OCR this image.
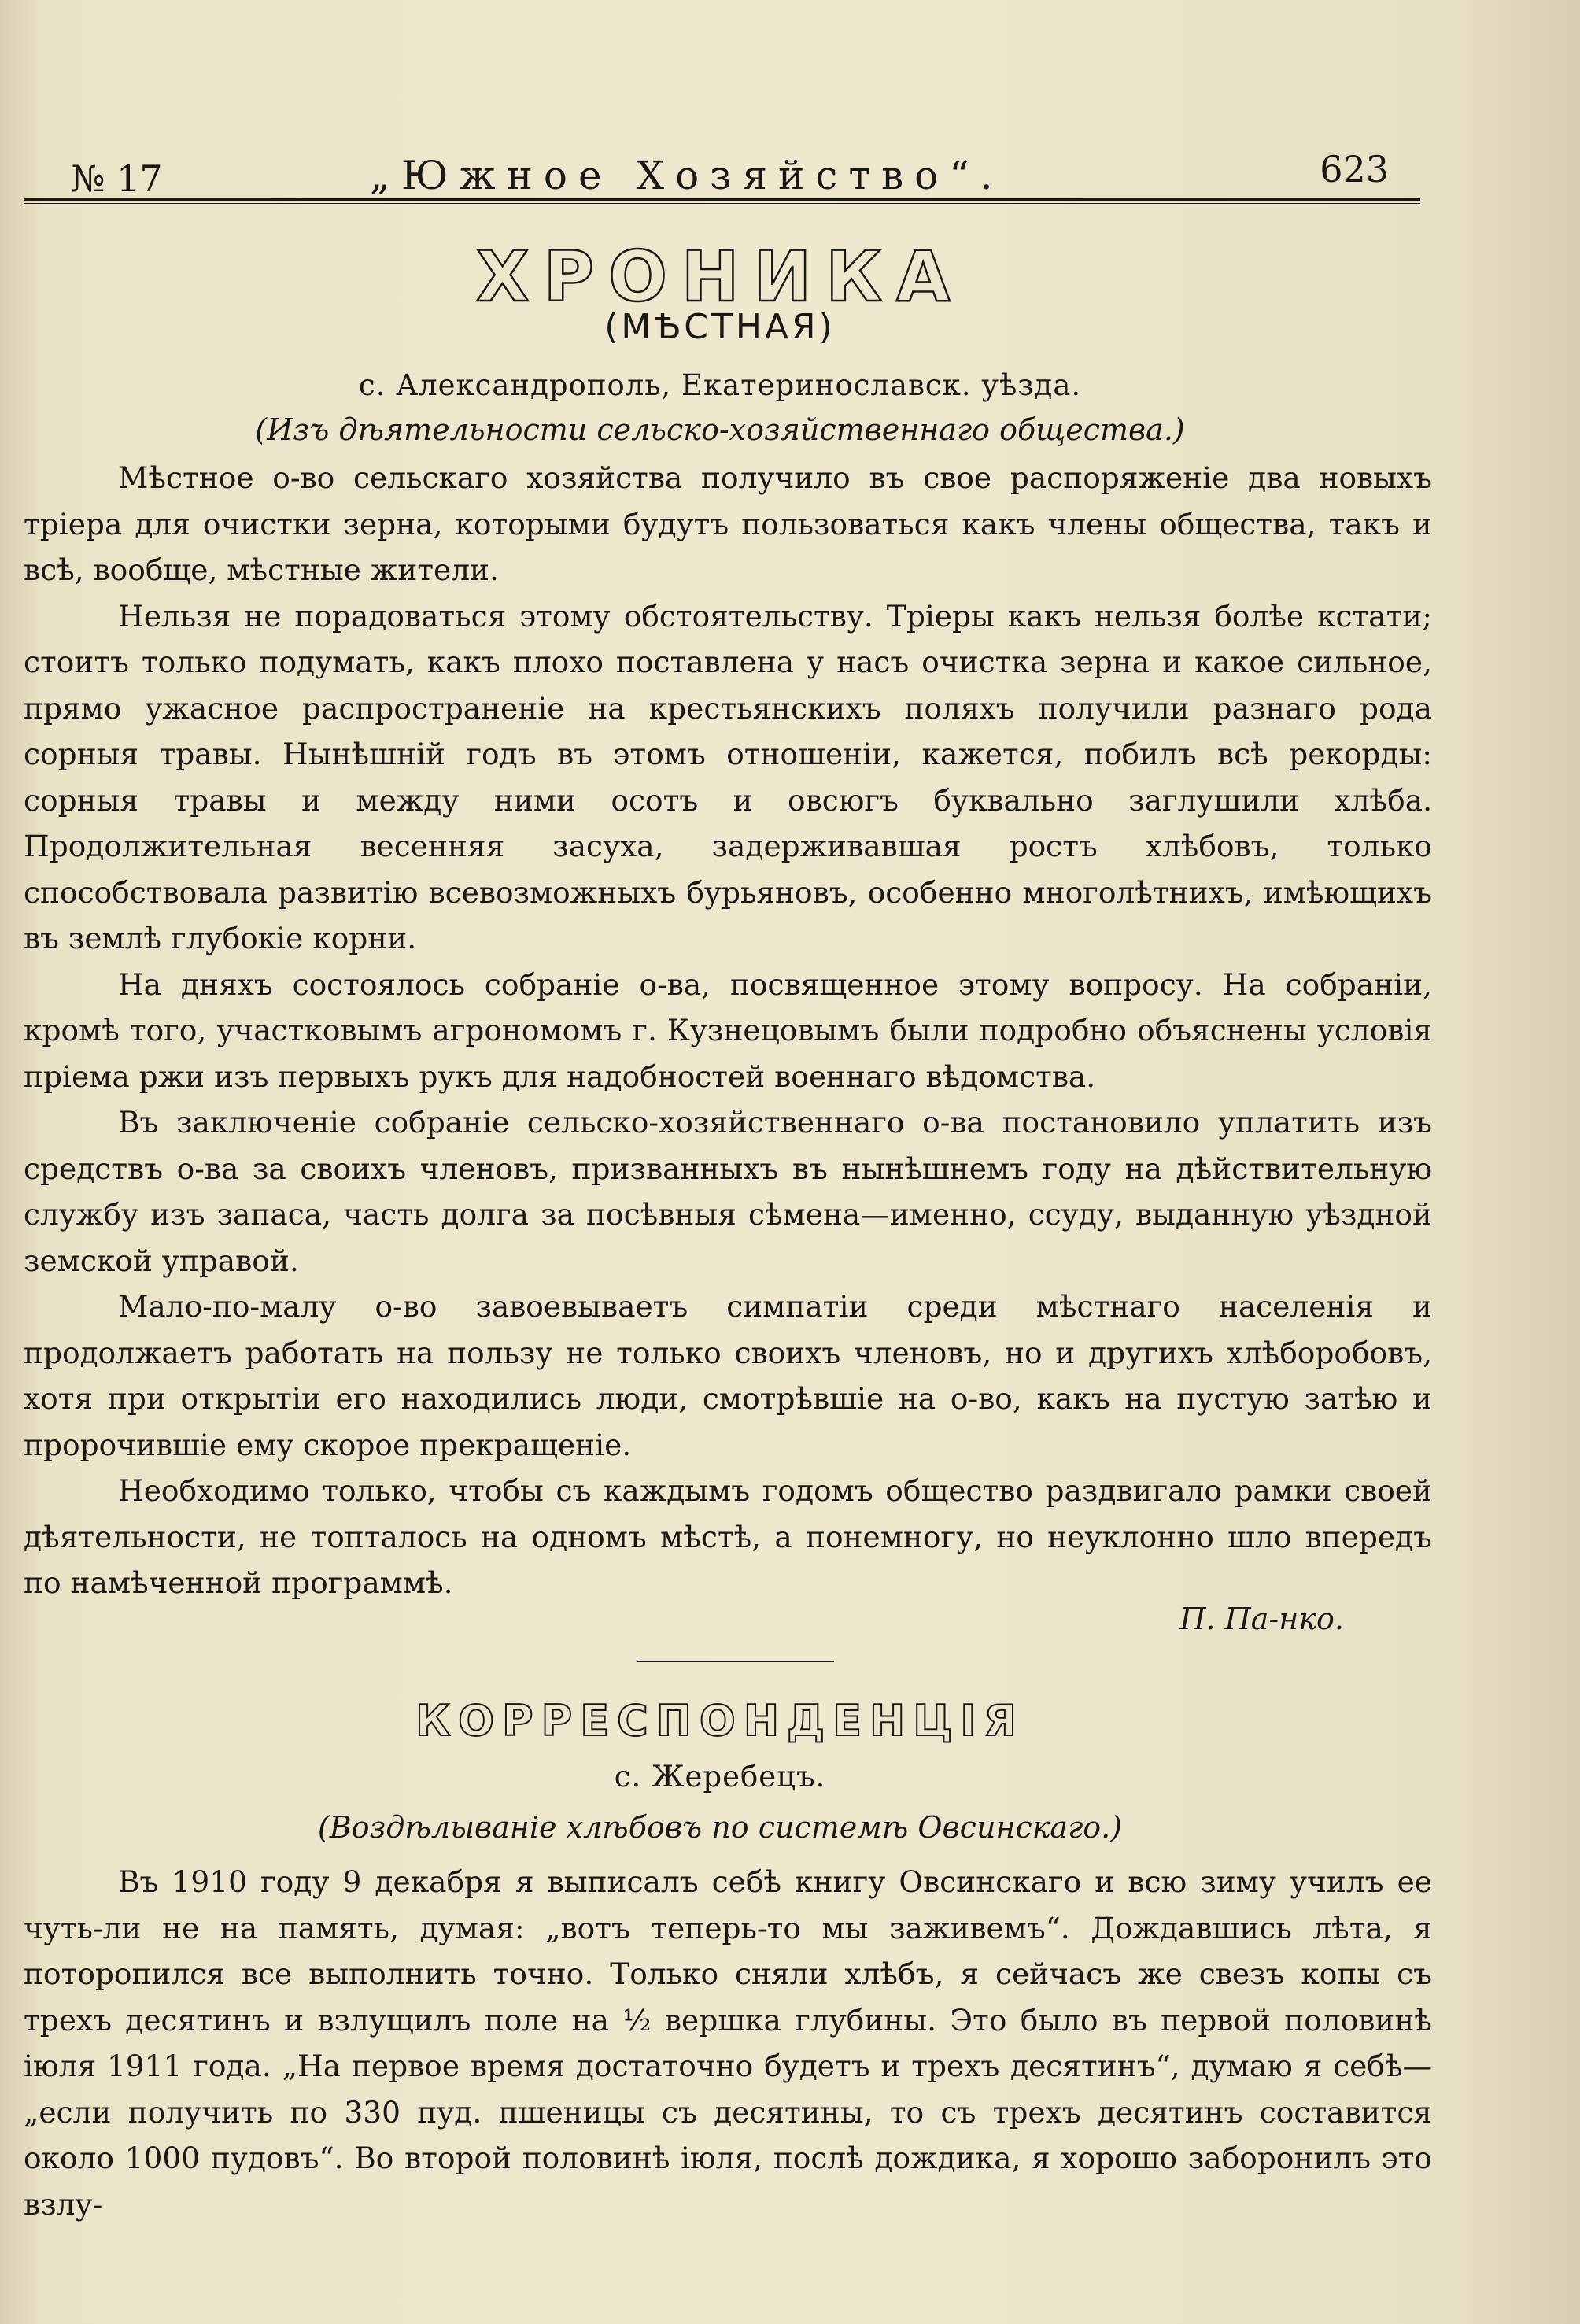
№ 17	„Южное Хозяйство“.	623
ХРОНИКА
(МѢСТНАЯ)
с. Александрополь, Екатеринославск. уѣзда.
(Изъ дѣятельности сельско-хозяйственнаго общества.)

Мѣстное о-во сельскаго хозяйства получило въ свое распоряженіе два новыхъ тріера для очистки зерна, которыми будутъ пользоваться какъ члены общества, такъ и всѣ, вообще, мѣстные жители.

Нельзя не порадоваться этому обстоятельству. Тріеры какъ нельзя болѣе кстати; стоитъ только подумать, какъ плохо поставлена у насъ очистка зерна и какое сильное, прямо ужасное распространеніе на крестьянскихъ поляхъ получили разнаго рода сорныя травы. Нынѣшній годъ въ этомъ отношеніи, кажется, побилъ всѣ рекорды: сорныя травы и между ними осотъ и овсюгъ буквально заглушили хлѣба. Продолжительная весенняя засуха, задерживавшая ростъ хлѣбовъ, только способствовала развитію всевозможныхъ бурьяновъ, особенно многолѣтнихъ, имѣющихъ въ землѣ глубокіе корни.

На дняхъ состоялось собраніе о-ва, посвященное этому вопросу. На собраніи, кромѣ того, участковымъ агрономомъ г. Кузнецовымъ были подробно объяснены условія пріема ржи изъ первыхъ рукъ для надобностей военнаго вѣдомства.

Въ заключеніе собраніе сельско-хозяйственнаго о-ва постановило уплатить изъ средствъ о-ва за своихъ членовъ, призванныхъ въ нынѣшнемъ году на дѣйствительную службу изъ запаса, часть долга за посѣвныя сѣмена—именно, ссуду, выданную уѣздной земской управой.

Мало-по-малу о-во завоевываетъ симпатіи среди мѣстнаго населенія и продолжаетъ работать на пользу не только своихъ членовъ, но и другихъ хлѣборобовъ, хотя при открытіи его находились люди, смотрѣвшіе на о-во, какъ на пустую затѣю и пророчившіе ему скорое прекращеніе.

Необходимо только, чтобы съ каждымъ годомъ общество раздвигало рамки своей дѣятельности, не топталось на одномъ мѣстѣ, а понемногу, но неуклонно шло впередъ по намѣченной программѣ.

П. Па-нко.
КОРРЕСПОНДЕНЦІЯ
с. Жеребецъ.
(Воздѣлываніе хлѣбовъ по системѣ Овсинскаго.)

Въ 1910 году 9 декабря я выписалъ себѣ книгу Овсинскаго и всю зиму училъ ее чуть-ли не на память, думая: „вотъ теперь-то мы заживемъ“. Дождавшись лѣта, я поторопился все выполнить точно. Только сняли хлѣбъ, я сейчасъ же свезъ копы съ трехъ десятинъ и взлущилъ поле на ½ вершка глубины. Это было въ первой половинѣ іюля 1911 года. „На первое время достаточно будетъ и трехъ десятинъ“, думаю я себѣ—„если получить по 330 пуд. пшеницы съ десятины, то съ трехъ десятинъ составится около 1000 пудовъ“. Во второй половинѣ іюля, послѣ дождика, я хорошо заборонилъ это взлу-
